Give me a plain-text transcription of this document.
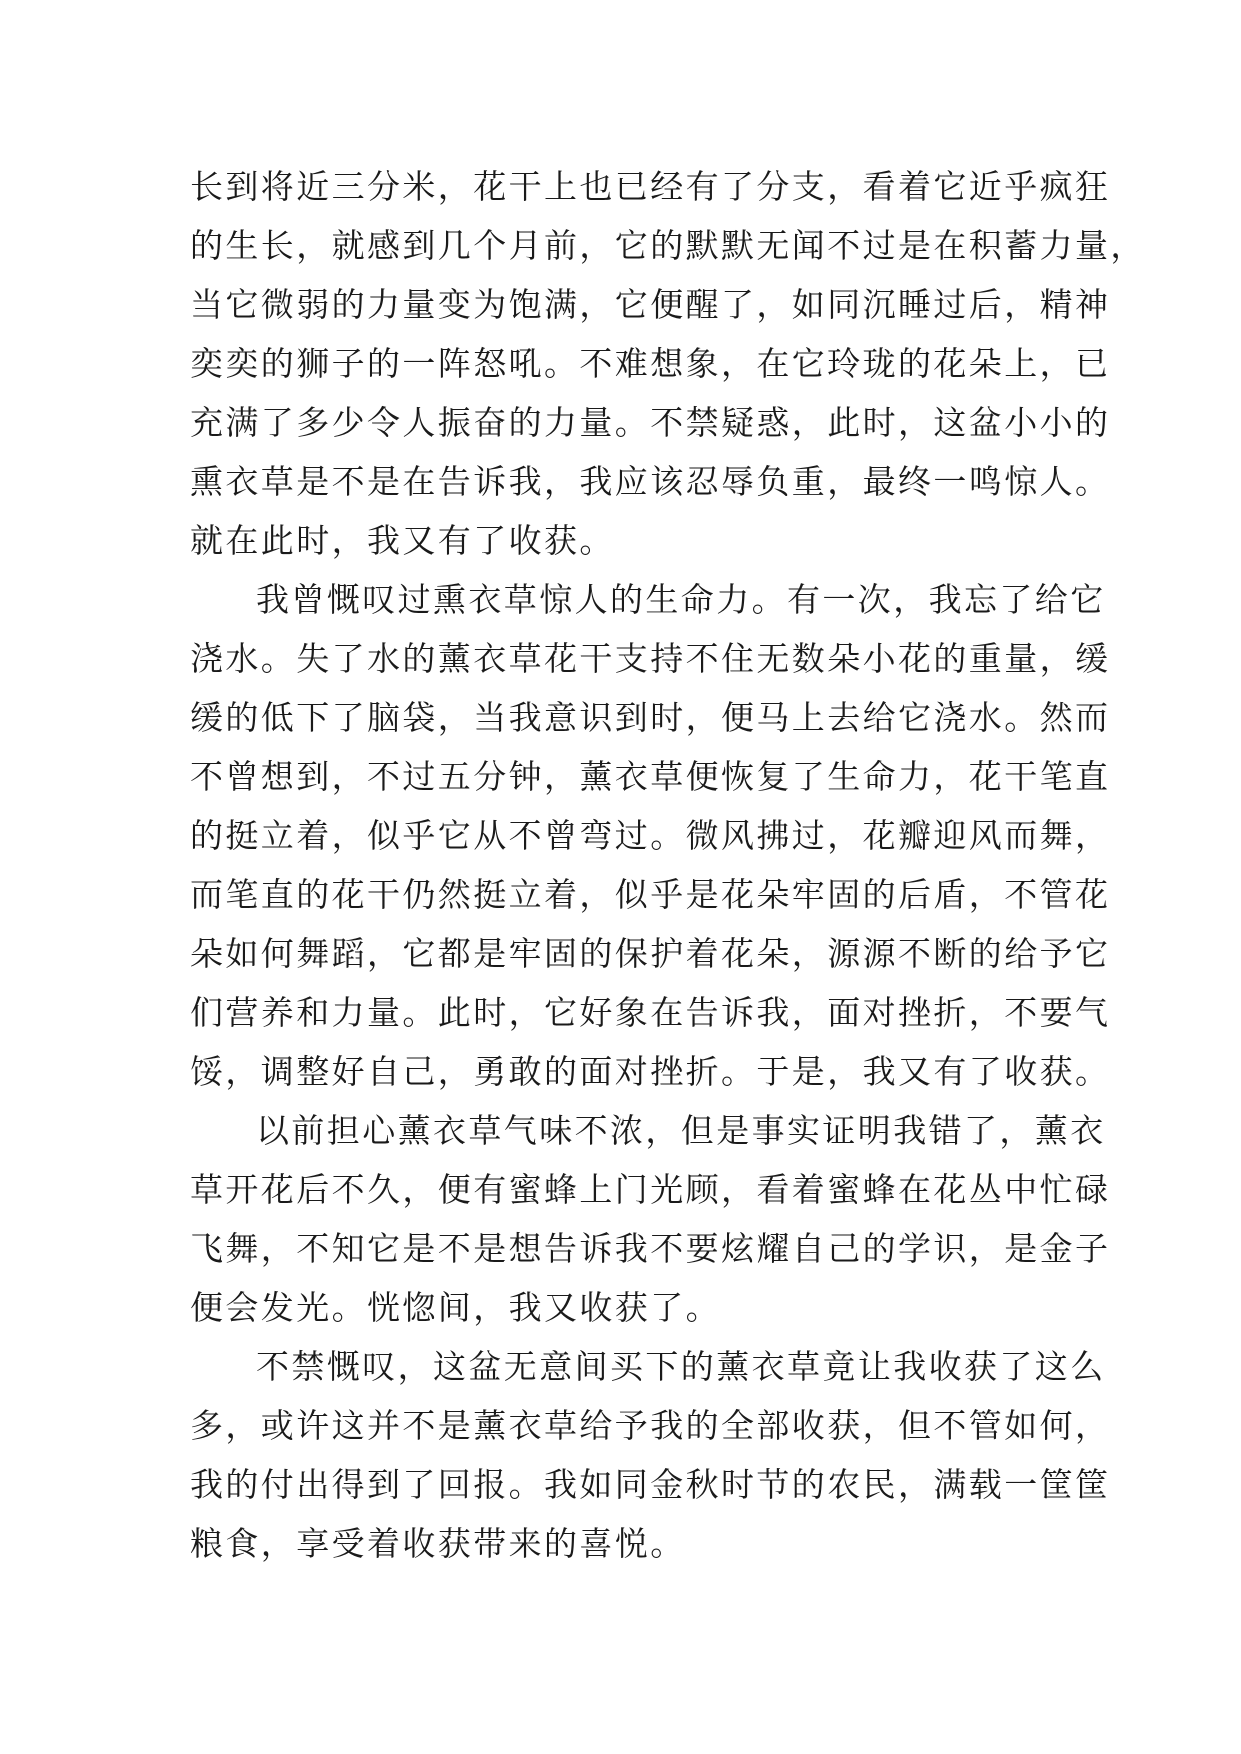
长到将近三分米，花干上也已经有了分支，看着它近乎疯狂

的生长，就感到几个月前，它的默默无闻不过是在积蓄力量，

当它微弱的力量变为饱满，它便醒了，如同沉睡过后，精神

奕奕的狮子的一阵怒吼。不难想象，在它玲珑的花朵上，已

充满了多少令人振奋的力量。不禁疑惑，此时，这盆小小的

熏衣草是不是在告诉我，我应该忍辱负重，最终一鸣惊人。

就在此时，我又有了收获。

我曾慨叹过熏衣草惊人的生命力。有一次，我忘了给它

浇水。失了水的薰衣草花干支持不住无数朵小花的重量，缓

缓的低下了脑袋，当我意识到时，便马上去给它浇水。然而

不曾想到，不过五分钟，薰衣草便恢复了生命力，花干笔直

的挺立着，似乎它从不曾弯过。微风拂过，花瓣迎风而舞，

而笔直的花干仍然挺立着，似乎是花朵牢固的后盾，不管花

朵如何舞蹈，它都是牢固的保护着花朵，源源不断的给予它

们营养和力量。此时，它好象在告诉我，面对挫折，不要气

馁，调整好自己，勇敢的面对挫折。于是，我又有了收获。

以前担心薰衣草气味不浓，但是事实证明我错了，薰衣

草开花后不久，便有蜜蜂上门光顾，看着蜜蜂在花丛中忙碌

飞舞，不知它是不是想告诉我不要炫耀自己的学识，是金子

便会发光。恍惚间，我又收获了。

不禁慨叹，这盆无意间买下的薰衣草竟让我收获了这么

多，或许这并不是薰衣草给予我的全部收获，但不管如何，

我的付出得到了回报。我如同金秋时节的农民，满载一筐筐

粮食，享受着收获带来的喜悦。
